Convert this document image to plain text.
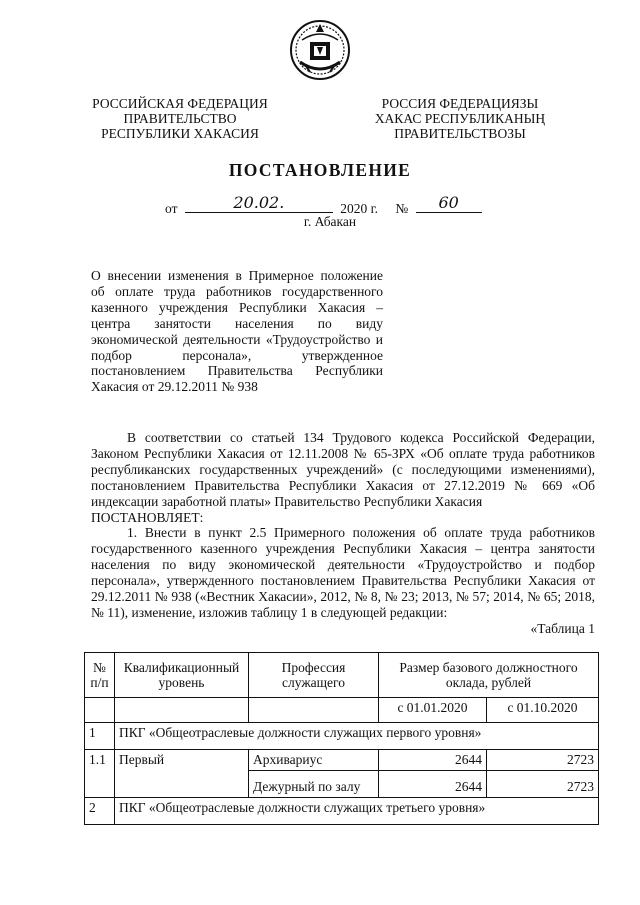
РОССИЙСКАЯ ФЕДЕРАЦИЯ
ПРАВИТЕЛЬСТВО
РЕСПУБЛИКИ ХАКАСИЯ
РОССИЯ ФЕДЕРАЦИЯЗЫ
ХАКАС РЕСПУБЛИКАНЫҢ
ПРАВИТЕЛЬСТВОЗЫ
ПОСТАНОВЛЕНИЕ
от	20.02.	2020 г. №	60
г. Абакан
О внесении изменения в Примерное положение об оплате труда работников государственного казенного учреждения Республики Хакасия – центра занятости населения по виду экономической деятельности «Трудоустройство и подбор персонала», утвержденное постановлением Правительства Республики Хакасия от 29.12.2011 № 938

В соответствии со статьей 134 Трудового кодекса Российской Федерации, Законом Республики Хакасия от 12.11.2008 № 65-ЗРХ «Об оплате труда работников республиканских государственных учреждений» (с последующими изменениями), постановлением Правительства Республики Хакасия от 27.12.2019 № 669 «Об индексации заработной платы» Правительство Республики Хакасия

ПОСТАНОВЛЯЕТ:

1. Внести в пункт 2.5 Примерного положения об оплате труда работников государственного казенного учреждения Республики Хакасия – центра занятости населения по виду экономической деятельности «Трудоустройство и подбор персонала», утвержденного постановлением Правительства Республики Хакасия от 29.12.2011 № 938 («Вестник Хакасии», 2012, № 8, № 23; 2013, № 57; 2014, № 65; 2018, № 11), изменение, изложив таблицу 1 в следующей редакции:

«Таблица 1

№ п/п	Квалификационный уровень	Профессия служащего	Размер базового должностного оклада, рублей	
			с 01.01.2020	с 01.10.2020
1	ПКГ «Общеотраслевые должности служащих первого уровня»			
1.1	Первый	Архивариус	2644	2723
		Дежурный по залу	2644	2723
2	ПКГ «Общеотраслевые должности служащих третьего уровня»			
